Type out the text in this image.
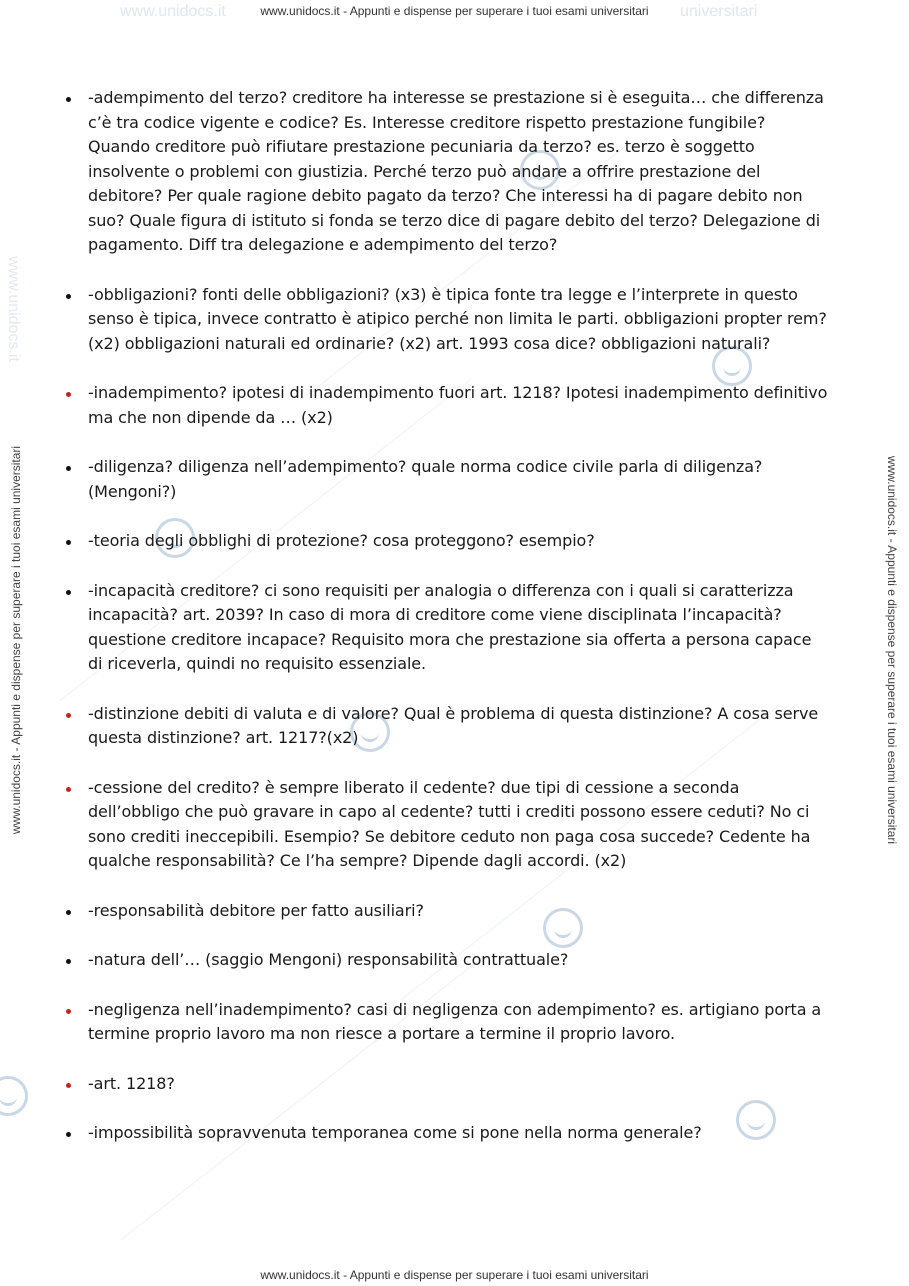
www.unidocs.it	universitari
www.unidocs.it
www.unidocs.it - Appunti e dispense per superare i tuoi esami universitari
www.unidocs.it - Appunti e dispense per superare i tuoi esami universitari
www.unidocs.it - Appunti e dispense per superare i tuoi esami universitari	www.unidocs.it - Appunti e dispense per superare i tuoi esami universitari
-adempimento del terzo? creditore ha interesse se prestazione si è eseguita… che differenza c’è tra codice vigente e codice? Es. Interesse creditore rispetto prestazione fungibile? Quando creditore può rifiutare prestazione pecuniaria da terzo? es. terzo è soggetto insolvente o problemi con giustizia. Perché terzo può andare a offrire prestazione del debitore? Per quale ragione debito pagato da terzo? Che interessi ha di pagare debito non suo? Quale figura di istituto si fonda se terzo dice di pagare debito del terzo? Delegazione di pagamento. Diff tra delegazione e adempimento del terzo?
-obbligazioni? fonti delle obbligazioni? (x3) è tipica fonte tra legge e l’interprete in questo senso è tipica, invece contratto è atipico perché non limita le parti. obbligazioni propter rem? (x2) obbligazioni naturali ed ordinarie? (x2) art. 1993 cosa dice? obbligazioni naturali?
-inadempimento? ipotesi di inadempimento fuori art. 1218? Ipotesi inadempimento definitivo ma che non dipende da … (x2)
-diligenza? diligenza nell’adempimento? quale norma codice civile parla di diligenza? (Mengoni?)
-teoria degli obblighi di protezione? cosa proteggono? esempio?
-incapacità creditore? ci sono requisiti per analogia o differenza con i quali si caratterizza incapacità? art. 2039? In caso di mora di creditore come viene disciplinata l’incapacità? questione creditore incapace? Requisito mora che prestazione sia offerta a persona capace di riceverla, quindi no requisito essenziale.
-distinzione debiti di valuta e di valore? Qual è problema di questa distinzione? A cosa serve questa distinzione? art. 1217?(x2)
-cessione del credito? è sempre liberato il cedente? due tipi di cessione a seconda dell’obbligo che può gravare in capo al cedente? tutti i crediti possono essere ceduti? No ci sono crediti ineccepibili. Esempio? Se debitore ceduto non paga cosa succede? Cedente ha qualche responsabilità? Ce l’ha sempre? Dipende dagli accordi. (x2)
-responsabilità debitore per fatto ausiliari?
-natura dell’… (saggio Mengoni) responsabilità contrattuale?
-negligenza nell’inadempimento? casi di negligenza con adempimento? es. artigiano porta a termine proprio lavoro ma non riesce a portare a termine il proprio lavoro.
-art. 1218?
-impossibilità sopravvenuta temporanea come si pone nella norma generale?
